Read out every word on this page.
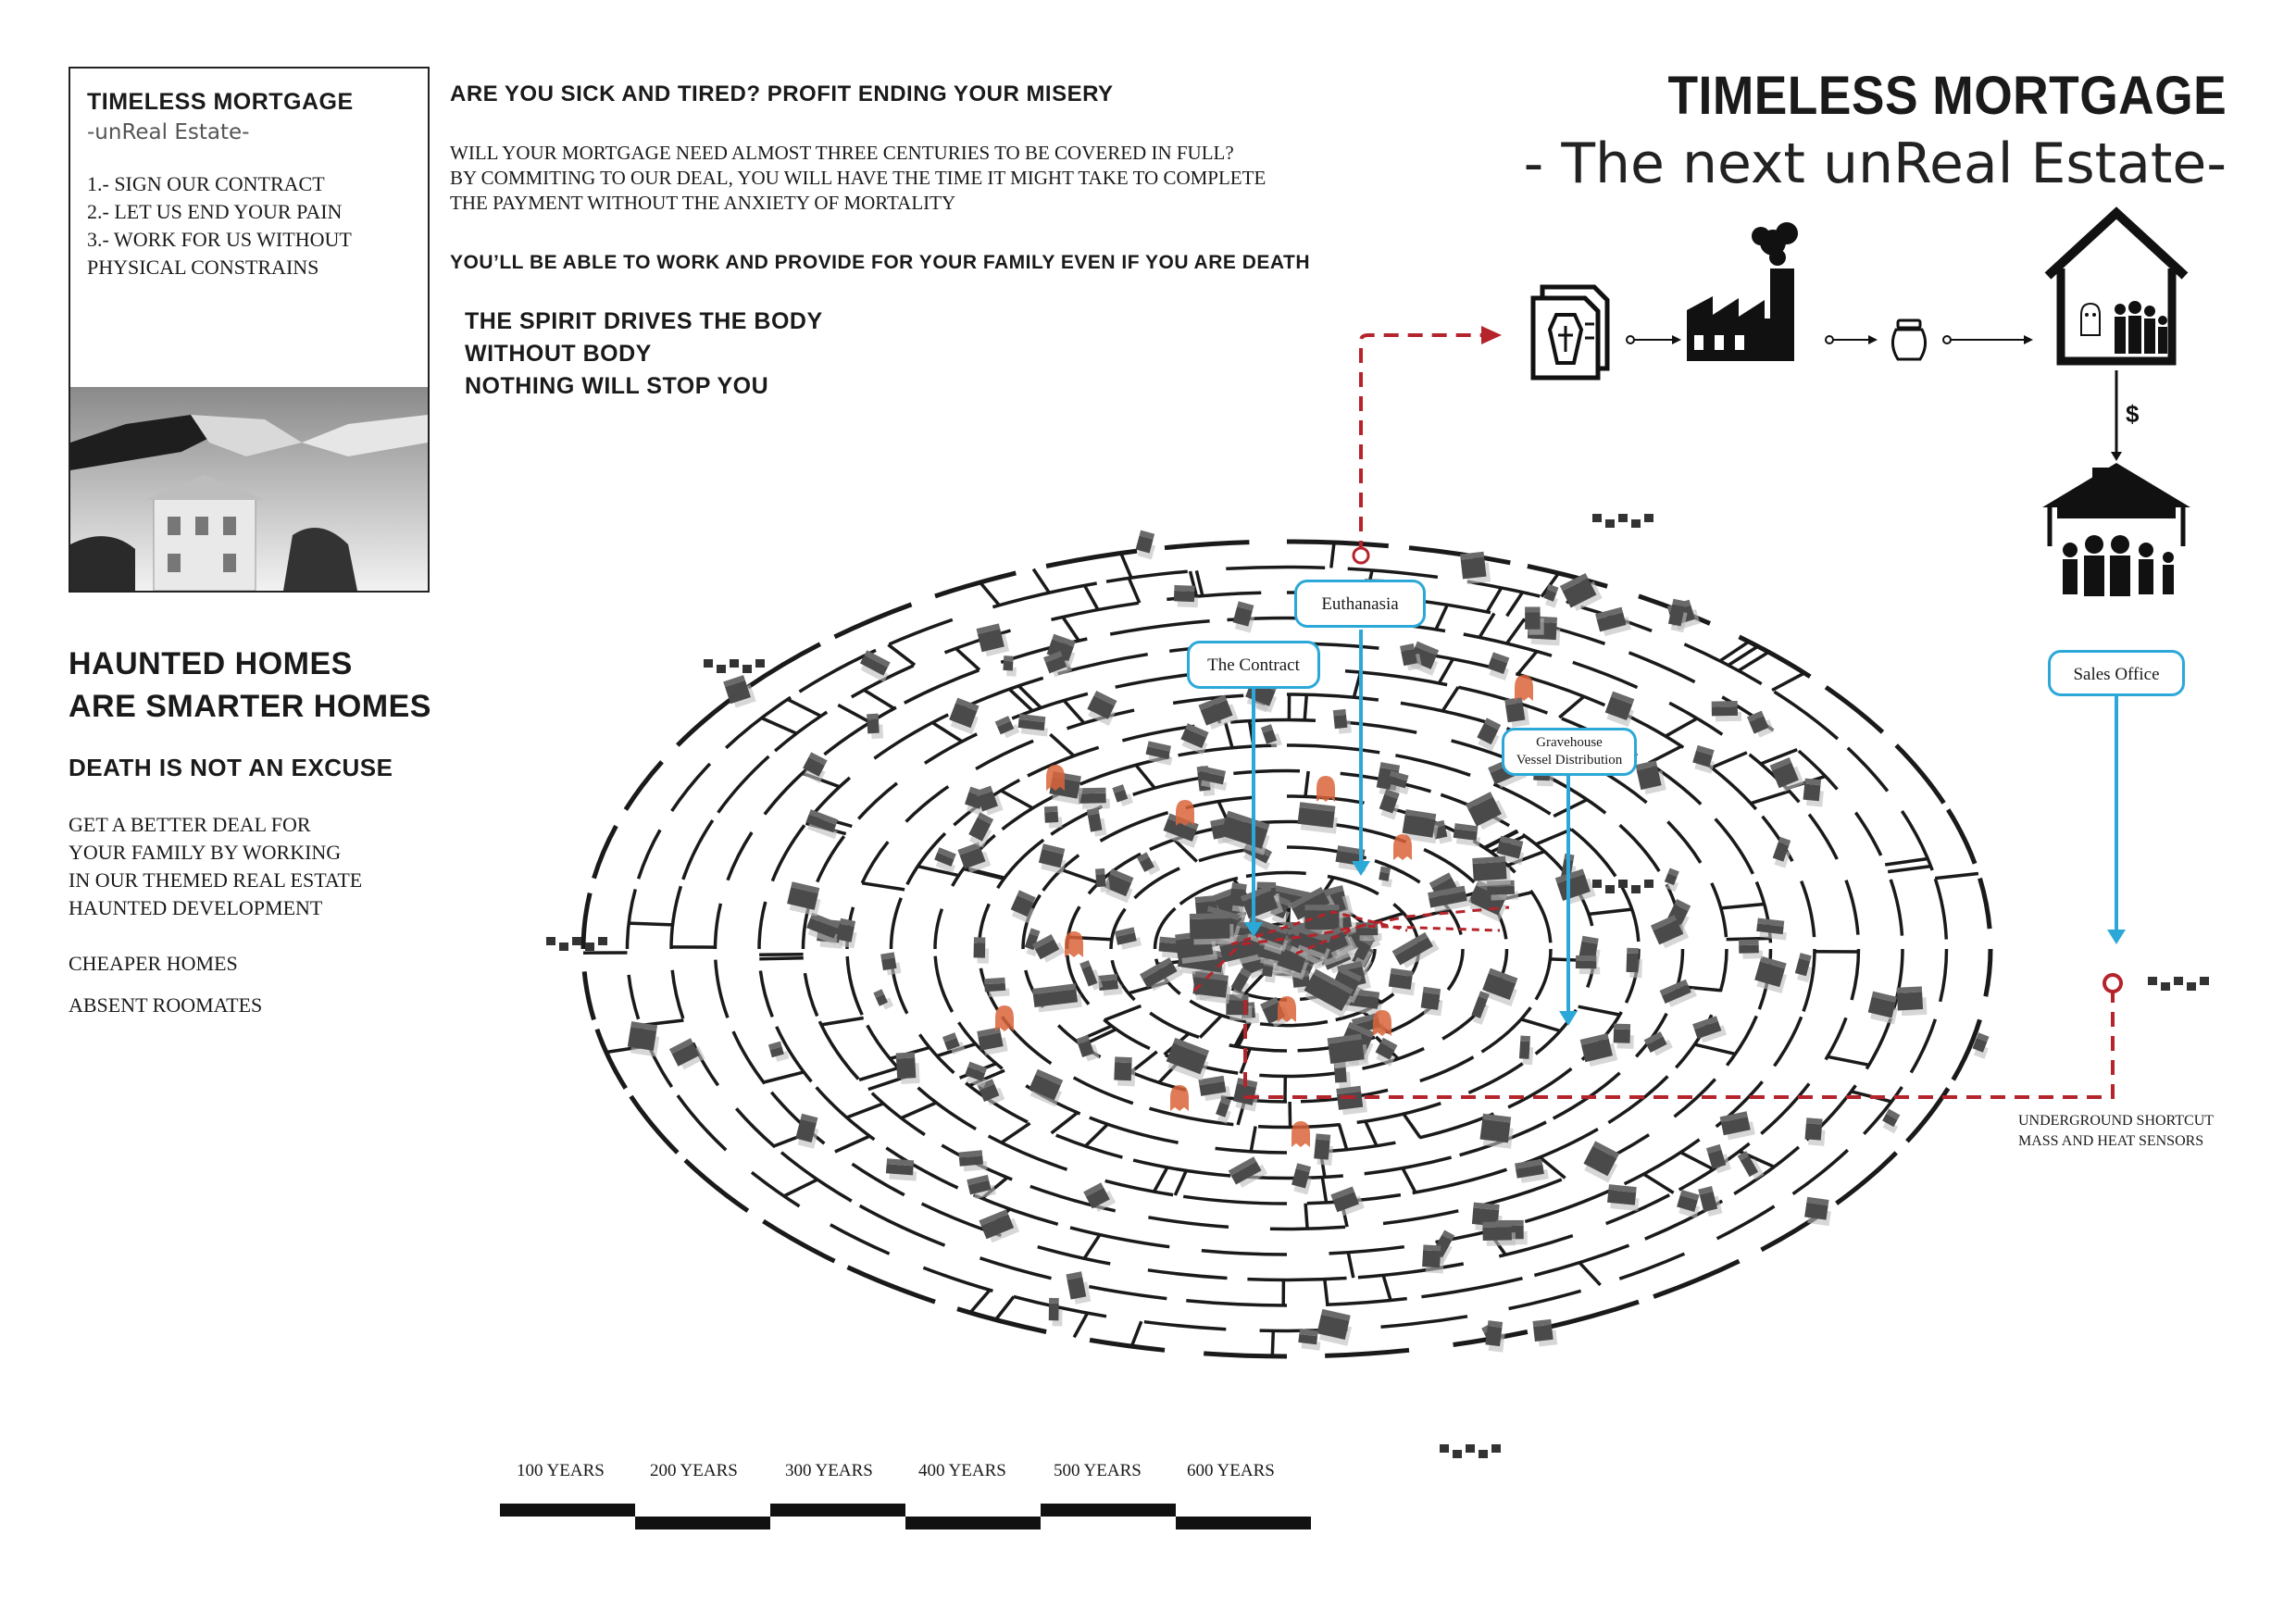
TIMELESS MORTGAGE
-unReal Estate-
1.- SIGN OUR CONTRACT
2.- LET US END YOUR PAIN
3.- WORK FOR US WITHOUT
PHYSICAL CONSTRAINS
ARE YOU SICK AND TIRED? PROFIT ENDING YOUR MISERY
WILL YOUR MORTGAGE NEED ALMOST THREE CENTURIES TO BE COVERED IN FULL?
BY COMMITING TO OUR DEAL, YOU WILL HAVE THE TIME IT MIGHT TAKE TO COMPLETE
THE PAYMENT WITHOUT THE ANXIETY OF MORTALITY
YOU’LL BE ABLE TO WORK AND PROVIDE FOR YOUR FAMILY EVEN IF YOU ARE DEATH
THE SPIRIT DRIVES THE BODY
WITHOUT BODY
NOTHING WILL STOP YOU
TIMELESS MORTGAGE
- The next unReal Estate-
HAUNTED HOMES
ARE SMARTER HOMES
DEATH IS NOT AN EXCUSE
GET A BETTER DEAL FOR
YOUR FAMILY BY WORKING
IN OUR THEMED REAL ESTATE
HAUNTED DEVELOPMENT
CHEAPER HOMES
ABSENT ROOMATES
$
Euthanasia
The Contract
Gravehouse
Vessel Distribution
Sales Office
UNDERGROUND SHORTCUT
MASS AND HEAT SENSORS
100 YEARS	200 YEARS	300 YEARS	400 YEARS	500 YEARS	600 YEARS
